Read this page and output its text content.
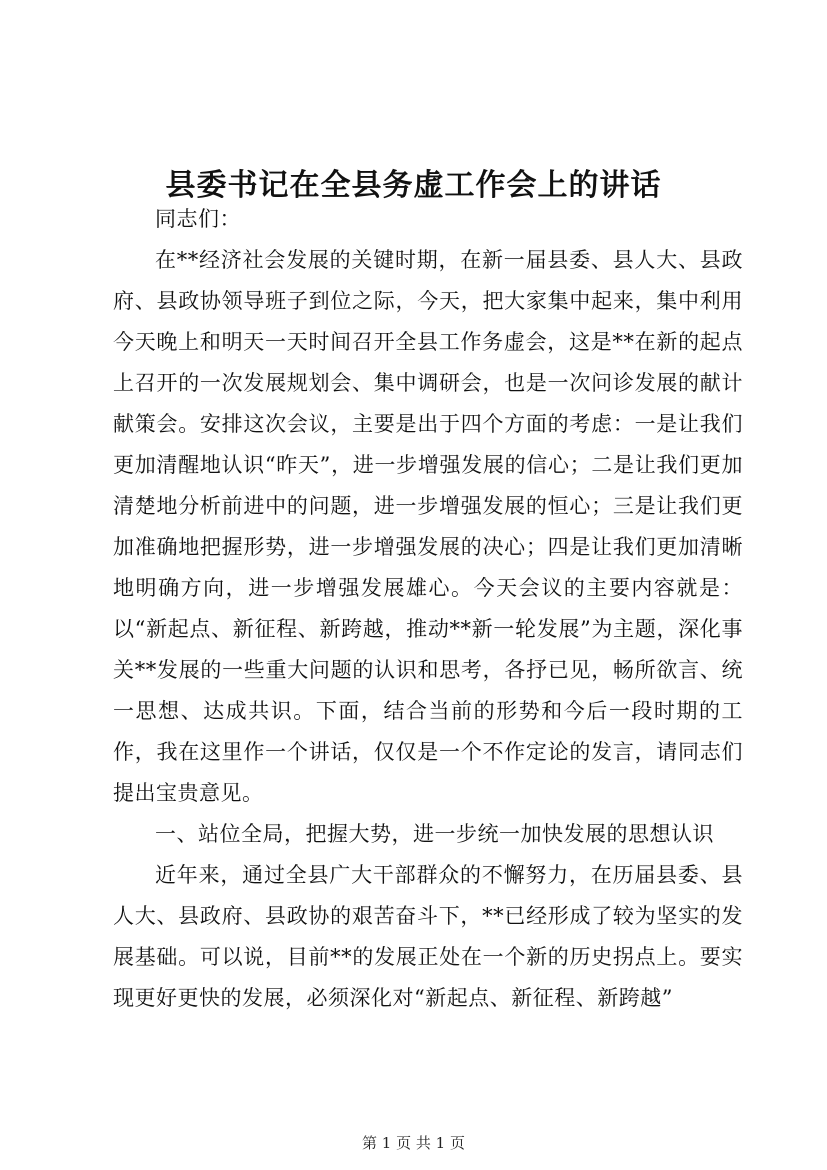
县委书记在全县务虚工作会上的讲话

同志们：

在**经济社会发展的关键时期，在新一届县委、县人大、县政府、县政协领导班子到位之际，今天，把大家集中起来，集中利用今天晚上和明天一天时间召开全县工作务虚会，这是**在新的起点上召开的一次发展规划会、集中调研会，也是一次问诊发展的献计献策会。安排这次会议，主要是出于四个方面的考虑：一是让我们更加清醒地认识“昨天”，进一步增强发展的信心；二是让我们更加清楚地分析前进中的问题，进一步增强发展的恒心；三是让我们更加准确地把握形势，进一步增强发展的决心；四是让我们更加清晰地明确方向，进一步增强发展雄心。今天会议的主要内容就是：以“新起点、新征程、新跨越，推动**新一轮发展”为主题，深化事关**发展的一些重大问题的认识和思考，各抒已见，畅所欲言、统一思想、达成共识。下面，结合当前的形势和今后一段时期的工作，我在这里作一个讲话，仅仅是一个不作定论的发言，请同志们提出宝贵意见。

一、站位全局，把握大势，进一步统一加快发展的思想认识

近年来，通过全县广大干部群众的不懈努力，在历届县委、县人大、县政府、县政协的艰苦奋斗下，**已经形成了较为坚实的发展基础。可以说，目前**的发展正处在一个新的历史拐点上。要实现更好更快的发展，必须深化对“新起点、新征程、新跨越”

第 1 页 共 1 页
